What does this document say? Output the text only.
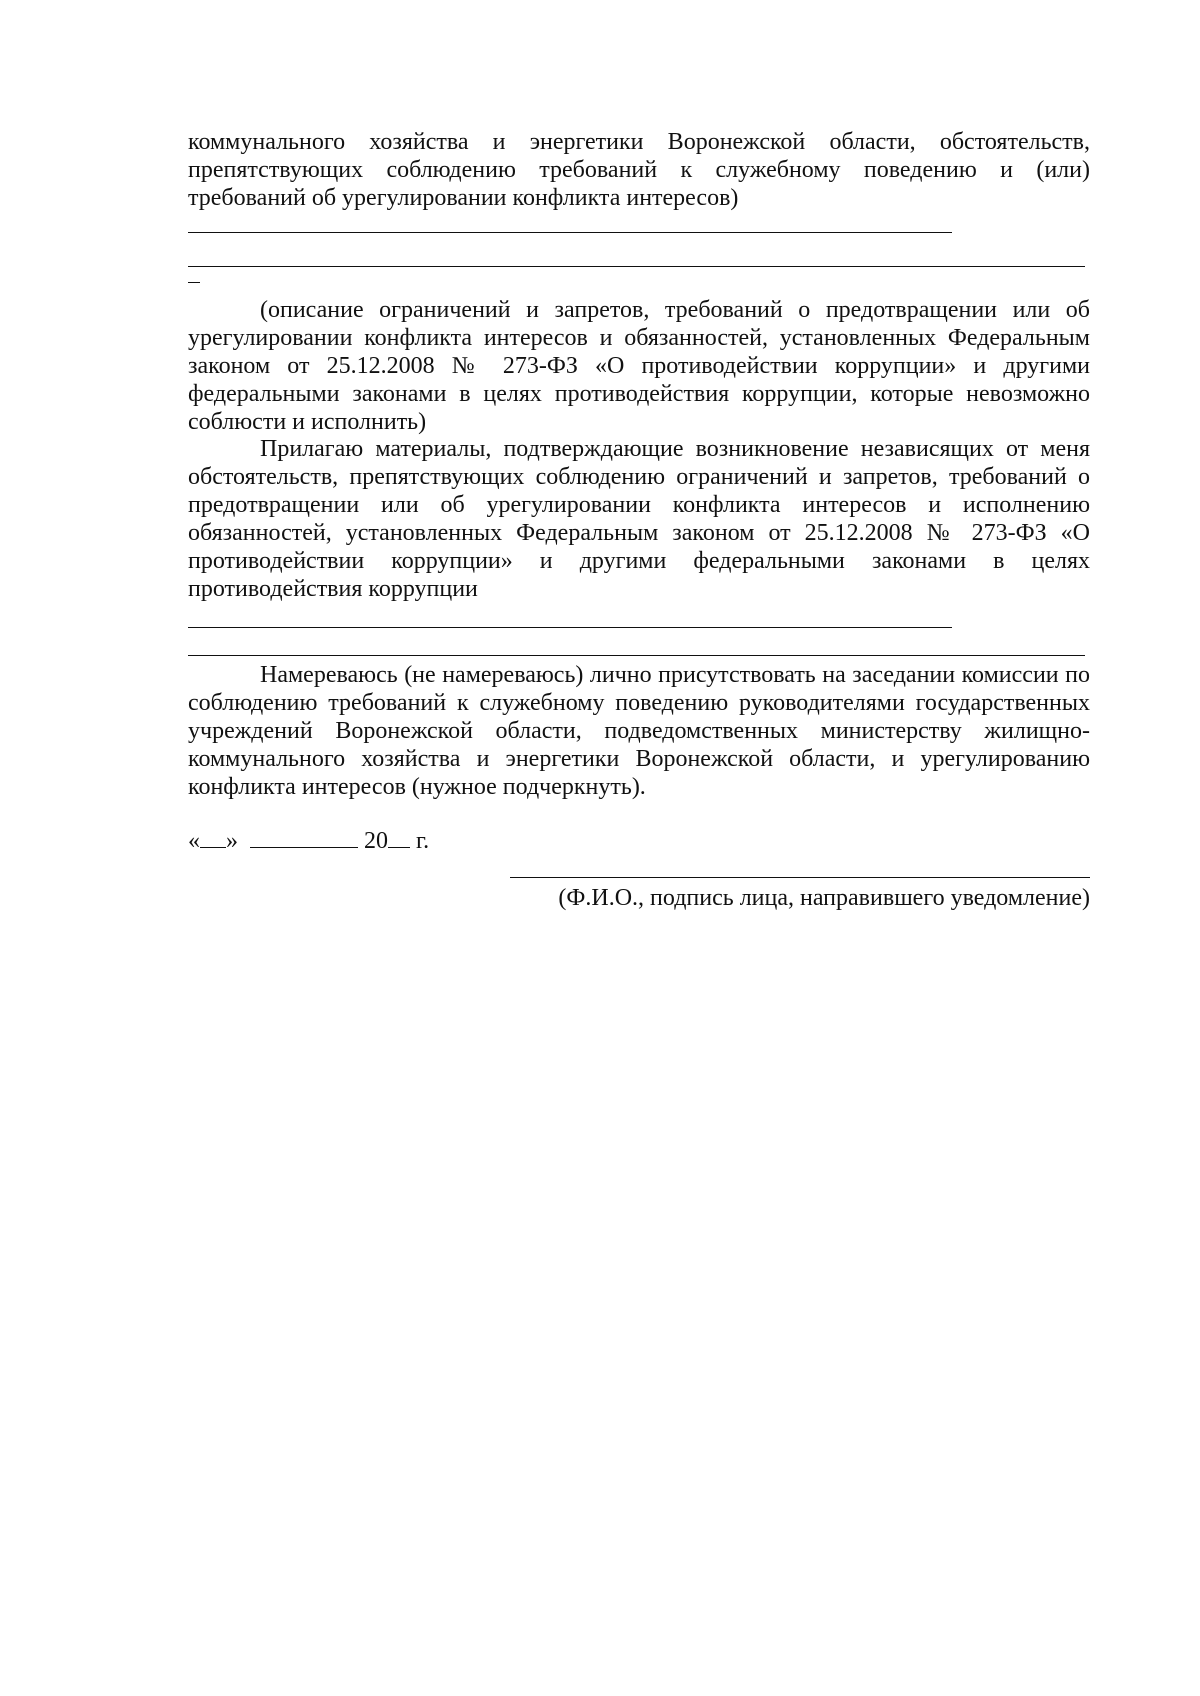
коммунального хозяйства и энергетики Воронежской области, обстоятельств, препятствующих соблюдению требований к служебному поведению и (или) требований об урегулировании конфликта интересов)
(описание ограничений и запретов, требований о предотвращении или об урегулировании конфликта интересов и обязанностей, установленных Федеральным законом от 25.12.2008 № 273-ФЗ «О противодействии коррупции» и другими федеральными законами в целях противодействия коррупции, которые невозможно соблюсти и исполнить)
Прилагаю материалы, подтверждающие возникновение независящих от меня обстоятельств, препятствующих соблюдению ограничений и запретов, требований о предотвращении или об урегулировании конфликта интересов и исполнению обязанностей, установленных Федеральным законом от 25.12.2008 № 273-ФЗ «О противодействии коррупции» и другими федеральными законами в целях противодействия коррупции
Намереваюсь (не намереваюсь) лично присутствовать на заседании комиссии по соблюдению требований к служебному поведению руководителями государственных учреждений Воронежской области, подведомственных министерству жилищно-коммунального хозяйства и энергетики Воронежской области, и урегулированию конфликта интересов (нужное подчеркнуть).
« »	20 г.
(Ф.И.О., подпись лица, направившего уведомление)
